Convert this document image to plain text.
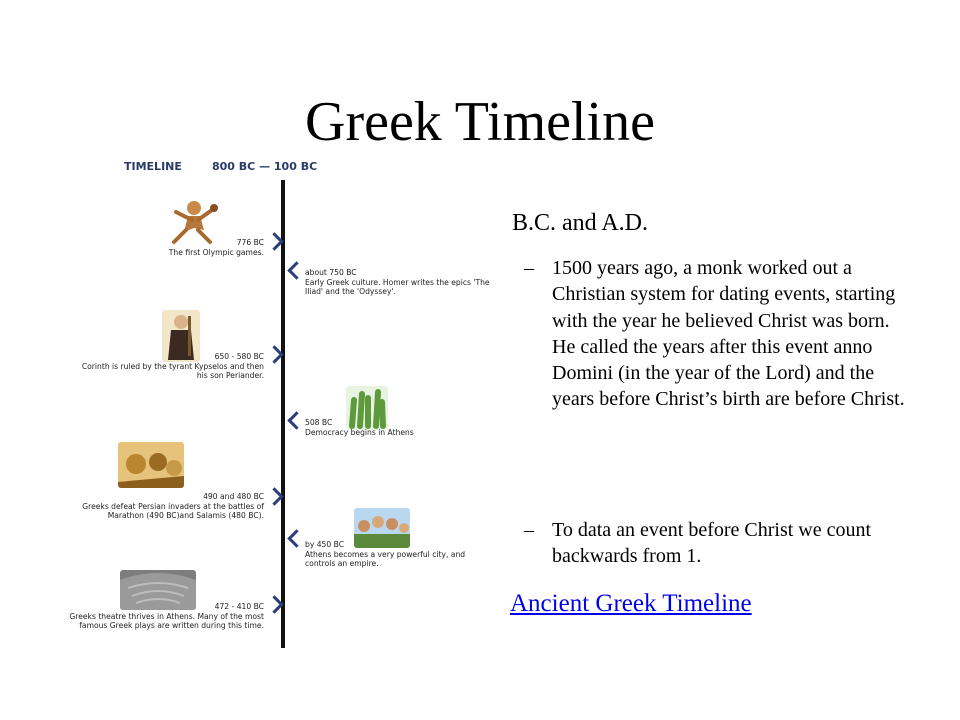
Greek Timeline
TIMELINE	800 BC — 100 BC
776 BC
The first Olympic games.
about 750 BC
Early Greek culture. Homer writes the epics 'The Iliad' and the 'Odyssey'.
650 - 580 BC
Corinth is ruled by the tyrant Kypselos and then his son Periander.
508 BC
Democracy begins in Athens
490 and 480 BC
Greeks defeat Persian invaders at the battles of Marathon (490 BC)and Salamis (480 BC).
by 450 BC
Athens becomes a very powerful city, and controls an empire.
472 - 410 BC
Greeks theatre thrives in Athens. Many of the most famous Greek plays are written during this time.
B.C. and A.D.
– 1500 years ago, a monk worked out a Christian system for dating events, starting with the year he believed Christ was born. He called the years after this event anno Domini (in the year of the Lord) and the years before Christ’s birth are before Christ.
– To data an event before Christ we count backwards from 1.
Ancient Greek Timeline
